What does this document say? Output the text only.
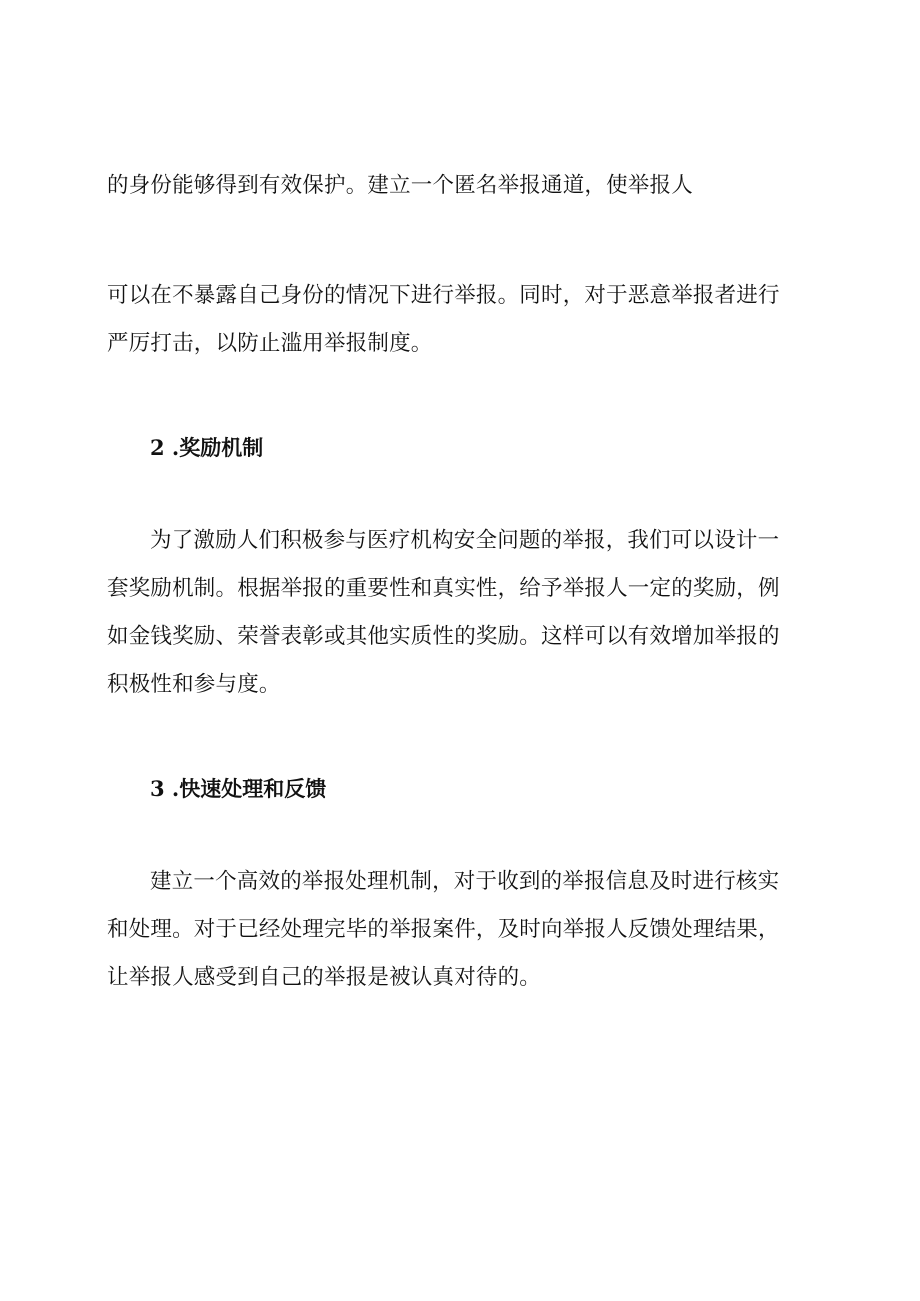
的身份能够得到有效保护。建立一个匿名举报通道，使举报人
可以在不暴露自己身份的情况下进行举报。同时，对于恶意举报者进行
严厉打击，以防止滥用举报制度。
2 .奖励机制
为了激励人们积极参与医疗机构安全问题的举报，我们可以设计一
套奖励机制。根据举报的重要性和真实性，给予举报人一定的奖励，例
如金钱奖励、荣誉表彰或其他实质性的奖励。这样可以有效增加举报的
积极性和参与度。
3 .快速处理和反馈
建立一个高效的举报处理机制，对于收到的举报信息及时进行核实
和处理。对于已经处理完毕的举报案件，及时向举报人反馈处理结果，
让举报人感受到自己的举报是被认真对待的。
